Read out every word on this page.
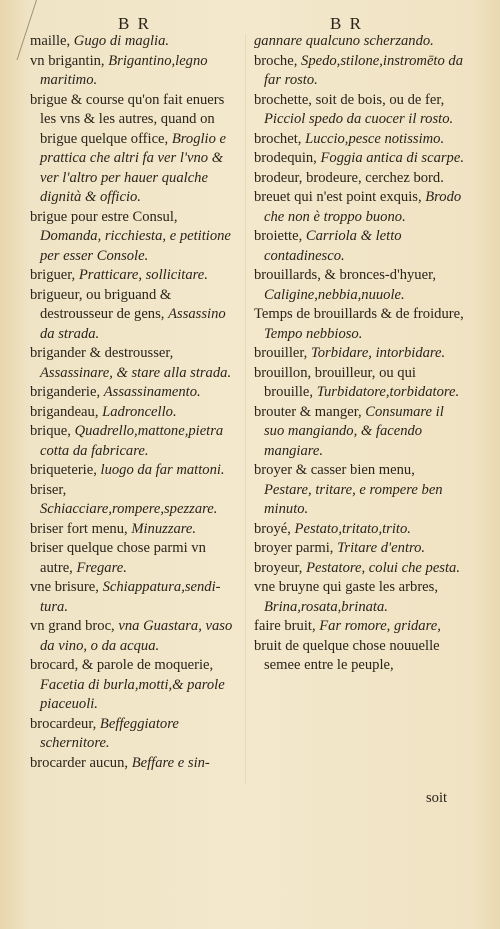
B R	B R

maille, Gugo di maglia.

vn brigantin, Brigantino,legno maritimo.

brigue & course qu'on fait enuers les vns & les autres, quand on brigue quelque office, Broglio e prattica che altri fa ver l'vno & ver l'altro per hauer qualche dignità & officio.

brigue pour estre Consul, Domanda, ricchiesta, e petitione per esser Console.

briguer, Pratticare, sollicitare.

brigueur, ou briguand & destrousseur de gens, Assassino da strada.

brigander & destrousser, Assassinare, & stare alla strada.

briganderie, Assassinamento.

brigandeau, Ladroncello.

brique, Quadrello,mattone,pietra cotta da fabricare.

briqueterie, luogo da far mattoni.

briser, Schiacciare,rompere,spezzare.

briser fort menu, Minuzzare.

briser quelque chose parmi vn autre, Fregare.

vne brisure, Schiappatura,sendi-tura.

vn grand broc, vna Guastara, vaso da vino, o da acqua.

brocard, & parole de moquerie, Facetia di burla,motti,& parole piaceuoli.

brocardeur, Beffeggiatore schernitore.

brocarder aucun, Beffare e sin-

gannare qualcuno scherzando.

broche, Spedo,stilone,instromēto da far rosto.

brochette, soit de bois, ou de fer, Picciol spedo da cuocer il rosto.

brochet, Luccio,pesce notissimo.

brodequin, Foggia antica di scarpe.

brodeur, brodeure, cerchez bord.

breuet qui n'est point exquis, Brodo che non è troppo buono.

broiette, Carriola & letto contadinesco.

brouillards, & bronces-d'hyuer, Caligine,nebbia,nuuole.

Temps de brouillards & de froidure, Tempo nebbioso.

brouiller, Torbidare, intorbidare.

brouillon, brouilleur, ou qui brouille, Turbidatore,torbidatore.

brouter & manger, Consumare il suo mangiando, & facendo mangiare.

broyer & casser bien menu, Pestare, tritare, e rompere ben minuto.

broyé, Pestato,tritato,trito.

broyer parmi, Tritare d'entro.

broyeur, Pestatore, colui che pesta.

vne bruyne qui gaste les arbres, Brina,rosata,brinata.

faire bruit, Far romore, gridare,

bruit de quelque chose nouuelle semee entre le peuple,

soit
